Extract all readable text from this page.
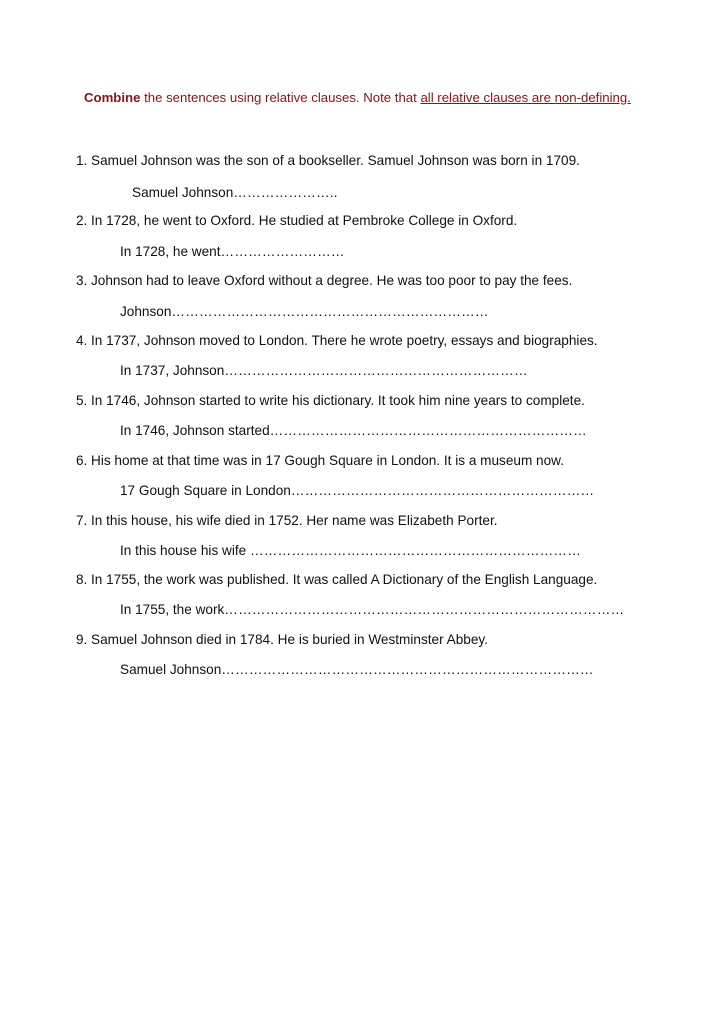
Combine the sentences using relative clauses. Note that all relative clauses are non-defining.
1. Samuel Johnson was the son of a bookseller. Samuel Johnson was born in 1709.
Samuel Johnson…………………..
2. In 1728, he went to Oxford. He studied at Pembroke College in Oxford.
In 1728, he went………………………
3. Johnson had to leave Oxford without a degree. He was too poor to pay the fees.
Johnson……………………………………………………………
4. In 1737, Johnson moved to London. There he wrote poetry, essays and biographies.
In 1737, Johnson…………………………………………………………
5. In 1746, Johnson started to write his dictionary. It took him nine years to complete.
In 1746, Johnson started……………………………………………………………
6. His home at that time was in 17 Gough Square in London. It is a museum now.
17 Gough Square in London…………………………………………………………
7. In this house, his wife died in 1752. Her name was Elizabeth Porter.
In this house his wife ………………………………………………………………
8. In 1755, the work was published. It was called A Dictionary of the English Language.
In 1755, the work……………………………………………………………………………
9. Samuel Johnson died in 1784. He is buried in Westminster Abbey.
Samuel Johnson………………………………………………………………………
